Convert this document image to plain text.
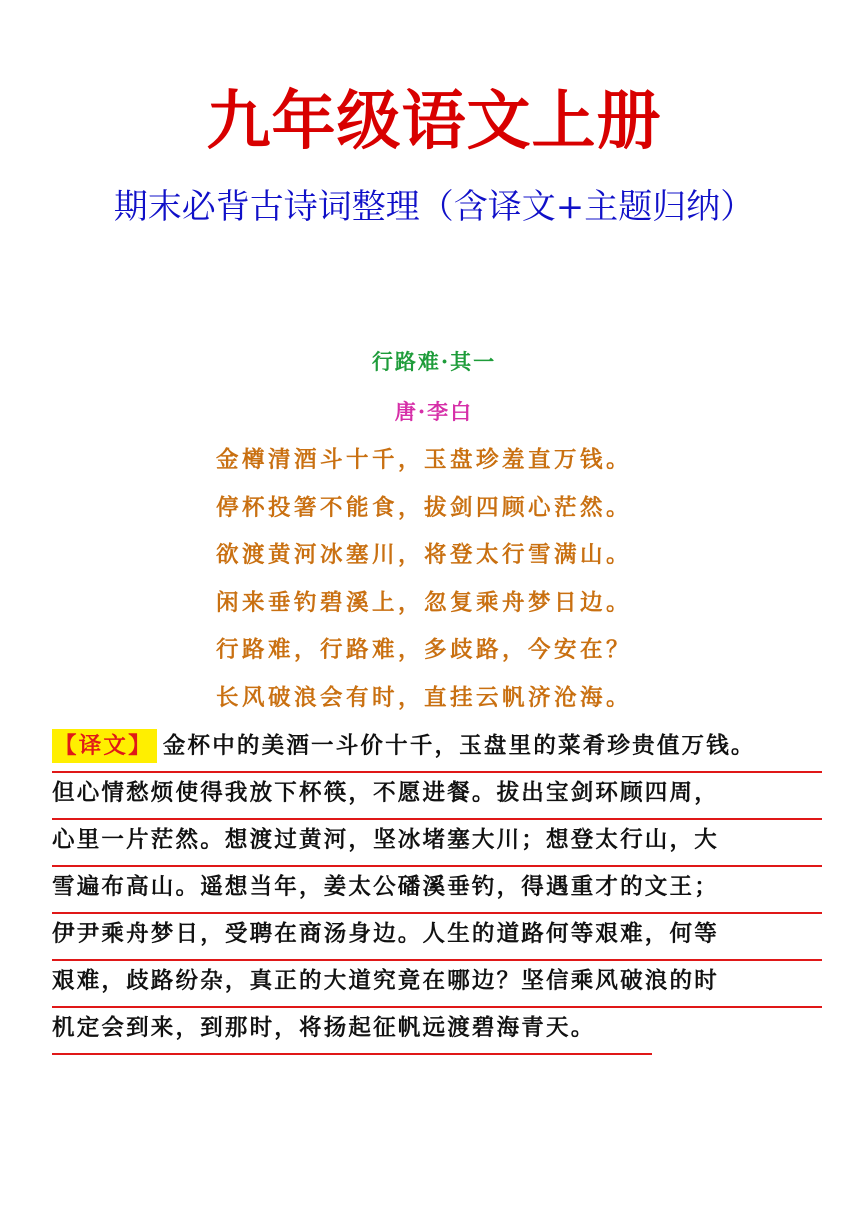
九年级语文上册
期末必背古诗词整理（含译文+主题归纳）
行路难·其一
唐·李白
金樽清酒斗十千，玉盘珍羞直万钱。
停杯投箸不能食，拔剑四顾心茫然。
欲渡黄河冰塞川，将登太行雪满山。
闲来垂钓碧溪上，忽复乘舟梦日边。
行路难，行路难，多歧路，今安在？
长风破浪会有时，直挂云帆济沧海。
【译文】 金杯中的美酒一斗价十千，玉盘里的菜肴珍贵值万钱。
但心情愁烦使得我放下杯筷，不愿进餐。拔出宝剑环顾四周，
心里一片茫然。想渡过黄河，坚冰堵塞大川；想登太行山，大
雪遍布高山。遥想当年，姜太公磻溪垂钓，得遇重才的文王；
伊尹乘舟梦日，受聘在商汤身边。人生的道路何等艰难，何等
艰难，歧路纷杂，真正的大道究竟在哪边？坚信乘风破浪的时
机定会到来，到那时，将扬起征帆远渡碧海青天。
